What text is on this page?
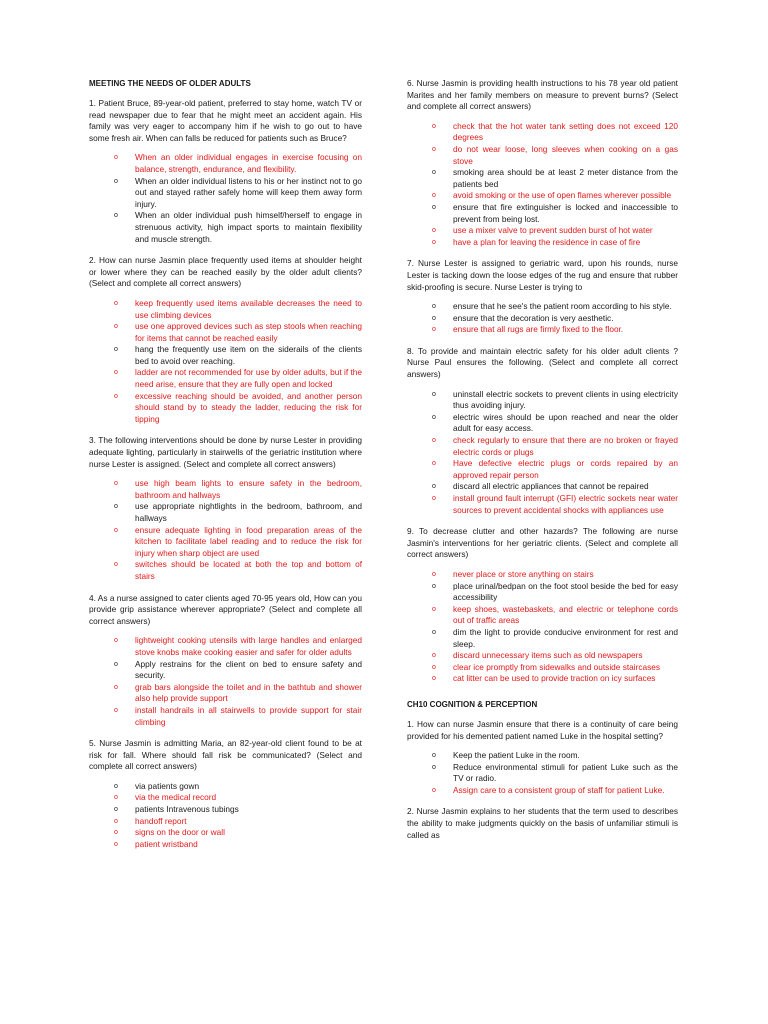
MEETING THE NEEDS OF OLDER ADULTS

1. Patient Bruce, 89-year-old patient, preferred to stay home, watch TV or read newspaper due to fear that he might meet an accident again. His family was very eager to accompany him if he wish to go out to have some fresh air. When can falls be reduced for patients such as Bruce?

o When an older individual engages in exercise focusing on balance, strength, endurance, and flexibility.
o When an older individual listens to his or her instinct not to go out and stayed rather safely home will keep them away form injury.
o When an older individual push himself/herself to engage in strenuous activity, high impact sports to maintain flexibility and muscle strength.

2. How can nurse Jasmin place frequently used items at shoulder height or lower where they can be reached easily by the older adult clients? (Select and complete all correct answers)

o keep frequently used items available decreases the need to use climbing devices
o use one approved devices such as step stools when reaching for items that cannot be reached easily
o hang the frequently use item on the siderails of the clients bed to avoid over reaching.
o ladder are not recommended for use by older adults, but if the need arise, ensure that they are fully open and locked
o excessive reaching should be avoided, and another person should stand by to steady the ladder, reducing the risk for tipping

3. The following interventions should be done by nurse Lester in providing adequate lighting, particularly in stairwells of the geriatric institution where nurse Lester is assigned. (Select and complete all correct answers)

o use high beam lights to ensure safety in the bedroom, bathroom and hallways
o use appropriate nightlights in the bedroom, bathroom, and hallways
o ensure adequate lighting in food preparation areas of the kitchen to facilitate label reading and to reduce the risk for injury when sharp object are used
o switches should be located at both the top and bottom of stairs

4. As a nurse assigned to cater clients aged 70-95 years old, How can you provide grip assistance wherever appropriate? (Select and complete all correct answers)

o lightweight cooking utensils with large handles and enlarged stove knobs make cooking easier and safer for older adults
o Apply restrains for the client on bed to ensure safety and security.
o grab bars alongside the toilet and in the bathtub and shower also help provide support
o install handrails in all stairwells to provide support for stair climbing

5. Nurse Jasmin is admitting Maria, an 82-year-old client found to be at risk for fall. Where should fall risk be communicated? (Select and complete all correct answers)

o via patients gown
o via the medical record
o patients Intravenous tubings
o handoff report
o signs on the door or wall
o patient wristband

6. Nurse Jasmin is providing health instructions to his 78 year old patient Marites and her family members on measure to prevent burns? (Select and complete all correct answers)

o check that the hot water tank setting does not exceed 120 degrees
o do not wear loose, long sleeves when cooking on a gas stove
o smoking area should be at least 2 meter distance from the patients bed
o avoid smoking or the use of open flames wherever possible
o ensure that fire extinguisher is locked and inaccessible to prevent from being lost.
o use a mixer valve to prevent sudden burst of hot water
o have a plan for leaving the residence in case of fire

7. Nurse Lester is assigned to geriatric ward, upon his rounds, nurse Lester is tacking down the loose edges of the rug and ensure that rubber skid-proofing is secure. Nurse Lester is trying to

o ensure that he see's the patient room according to his style.
o ensure that the decoration is very aesthetic.
o ensure that all rugs are firmly fixed to the floor.

8. To provide and maintain electric safety for his older adult clients ? Nurse Paul ensures the following. (Select and complete all correct answers)

o uninstall electric sockets to prevent clients in using electricity thus avoiding injury.
o electric wires should be upon reached and near the older adult for easy access.
o check regularly to ensure that there are no broken or frayed electric cords or plugs
o Have defective electric plugs or cords repaired by an approved repair person
o discard all electric appliances that cannot be repaired
o install ground fault interrupt (GFI) electric sockets near water sources to prevent accidental shocks with appliances use

9. To decrease clutter and other hazards? The following are nurse Jasmin's interventions for her geriatric clients. (Select and complete all correct answers)

o never place or store anything on stairs
o place urinal/bedpan on the foot stool beside the bed for easy accessibility
o keep shoes, wastebaskets, and electric or telephone cords out of traffic areas
o dim the light to provide conducive environment for rest and sleep.
o discard unnecessary items such as old newspapers
o clear ice promptly from sidewalks and outside staircases
o cat litter can be used to provide traction on icy surfaces
CH10 COGNITION & PERCEPTION

1. How can nurse Jasmin ensure that there is a continuity of care being provided for his demented patient named Luke in the hospital setting?

o Keep the patient Luke in the room.
o Reduce environmental stimuli for patient Luke such as the TV or radio.
o Assign care to a consistent group of staff for patient Luke.

2. Nurse Jasmin explains to her students that the term used to describes the ability to make judgments quickly on the basis of unfamiliar stimuli is called as
